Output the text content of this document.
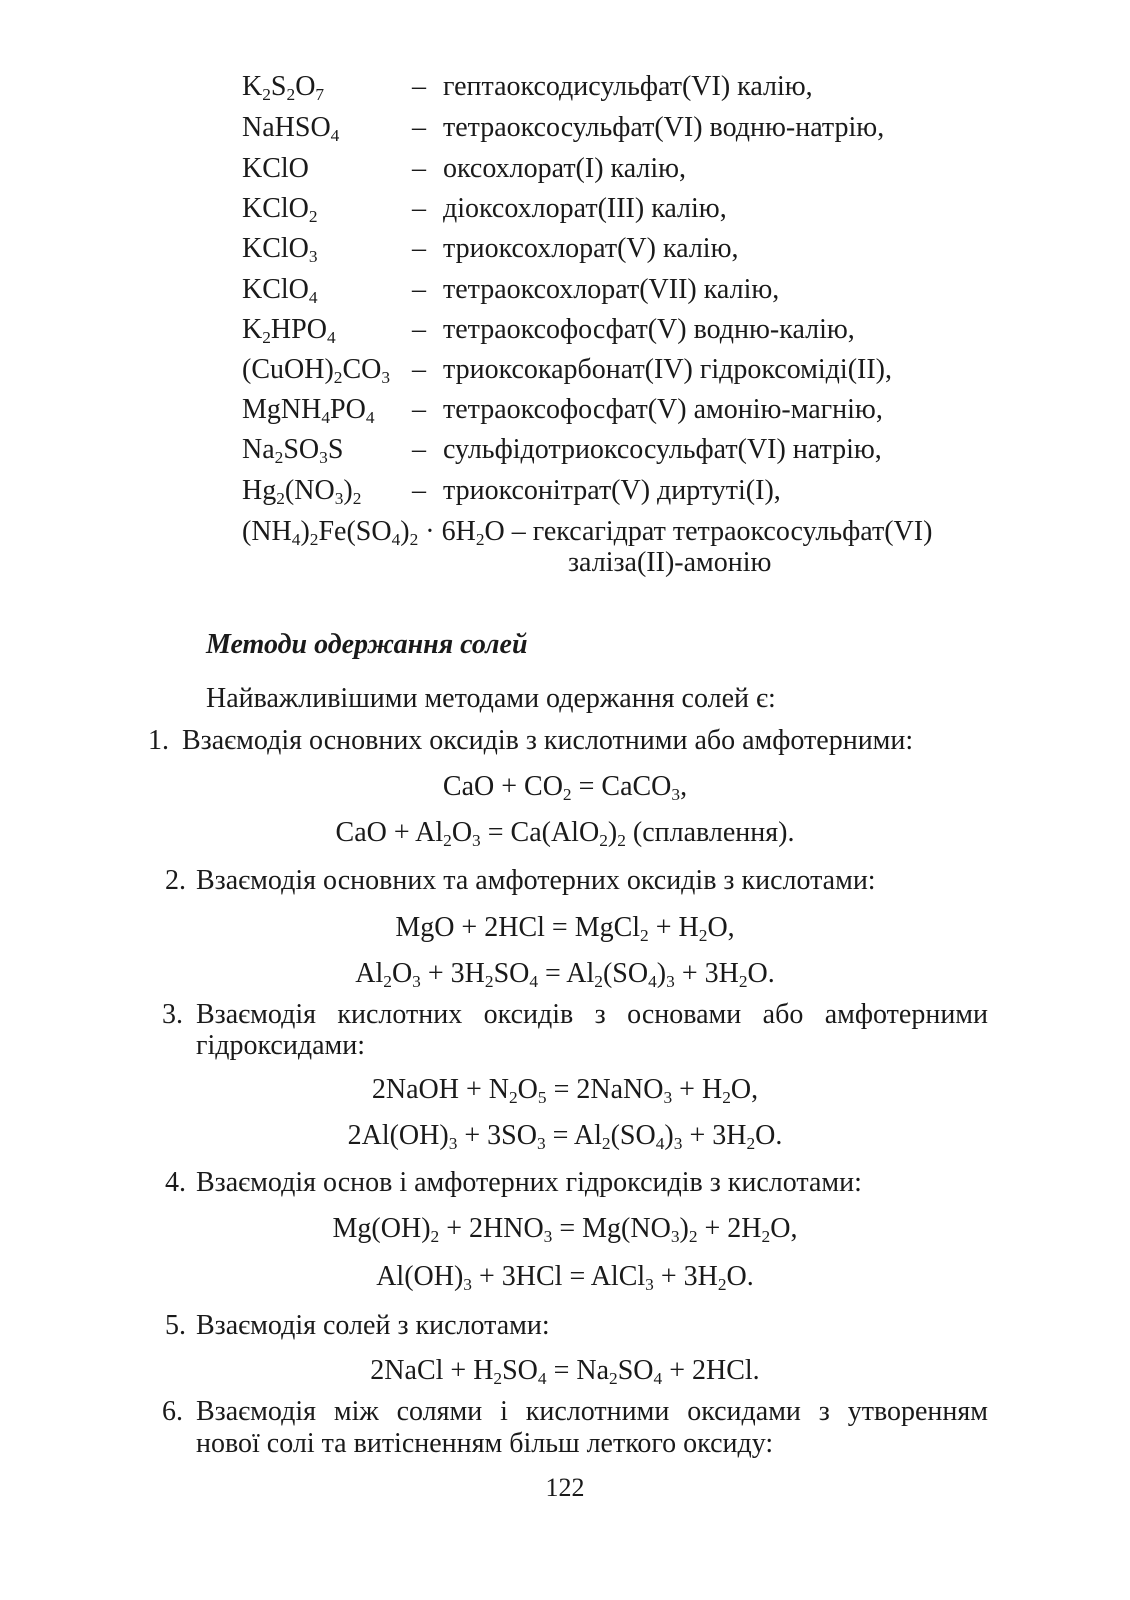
$K_2S_2O_7$	– гептаоксодисульфат(VI) калію,
NaHSO$_4$	– тетраоксосульфат(VI) водню-натрію,
KClO	– оксохлорат(I) калію,
KClO$_2$	– діоксохлорат(III) калію,
KClO$_3$	– триоксохлорат(V) калію,
KClO$_4$	– тетраоксохлорат(VII) калію,
$K_2HPO_4$	– тетраоксофосфат(V) водню-калію,
$(CuOH)_2CO_3$ – триоксокарбонат(IV) гідроксоміді(II),
$MgNH_4PO_4$ – тетраоксофосфат(V) амонію-магнію,
$Na_2SO_3S$ – сульфідотриоксосульфат(VI) натрію,
$Hg_2(NO_3)_2$ – триоксонітрат(V) диртуті(I),
$(NH_4)_2Fe(SO_4)_2 \cdot 6H_2O$ – гексагідрат тетраоксосульфат(VI)
заліза(II)-амонію
Методи одержання солей
Найважливішими методами одержання солей є:
1. Взаємодія основних оксидів з кислотними або амфотерними:
CaO + $CO_2$ = CaCO$_3$,
CaO + $Al_2O_3 = Ca(AlO_2)_2$ (сплавлення).
2. Взаємодія основних та амфотерних оксидів з кислотами:
MgO + 2HCl = MgCl$_2$ + $H_2O$,
$Al_2O_3 + 3H_2SO_4 = Al_2(SO_4)_3 + 3H_2O$.
3. Взаємодія кислотних оксидів з основами або амфотерними
гідроксидами:
2NaOH + $N_2O_5$ = 2NaNO$_3$ + $H_2O$,
$2Al(OH)_3 + 3SO_3 = Al_2(SO_4)_3 + 3H_2O$.
4. Взаємодія основ і амфотерних гідроксидів з кислотами:
$Mg(OH)_2 + 2HNO_3 = Mg(NO_3)_2 + 2H_2O$,
$Al(OH)_3 + 3HCl$ = AlCl$_3$ + $3H_2O$.
5. Взаємодія солей з кислотами:
2NaCl + $H_2SO_4 = Na_2SO_4 + 2HCl$.
6. Взаємодія між солями і кислотними оксидами з утворенням
нової солі та витісненням більш леткого оксиду:
122
